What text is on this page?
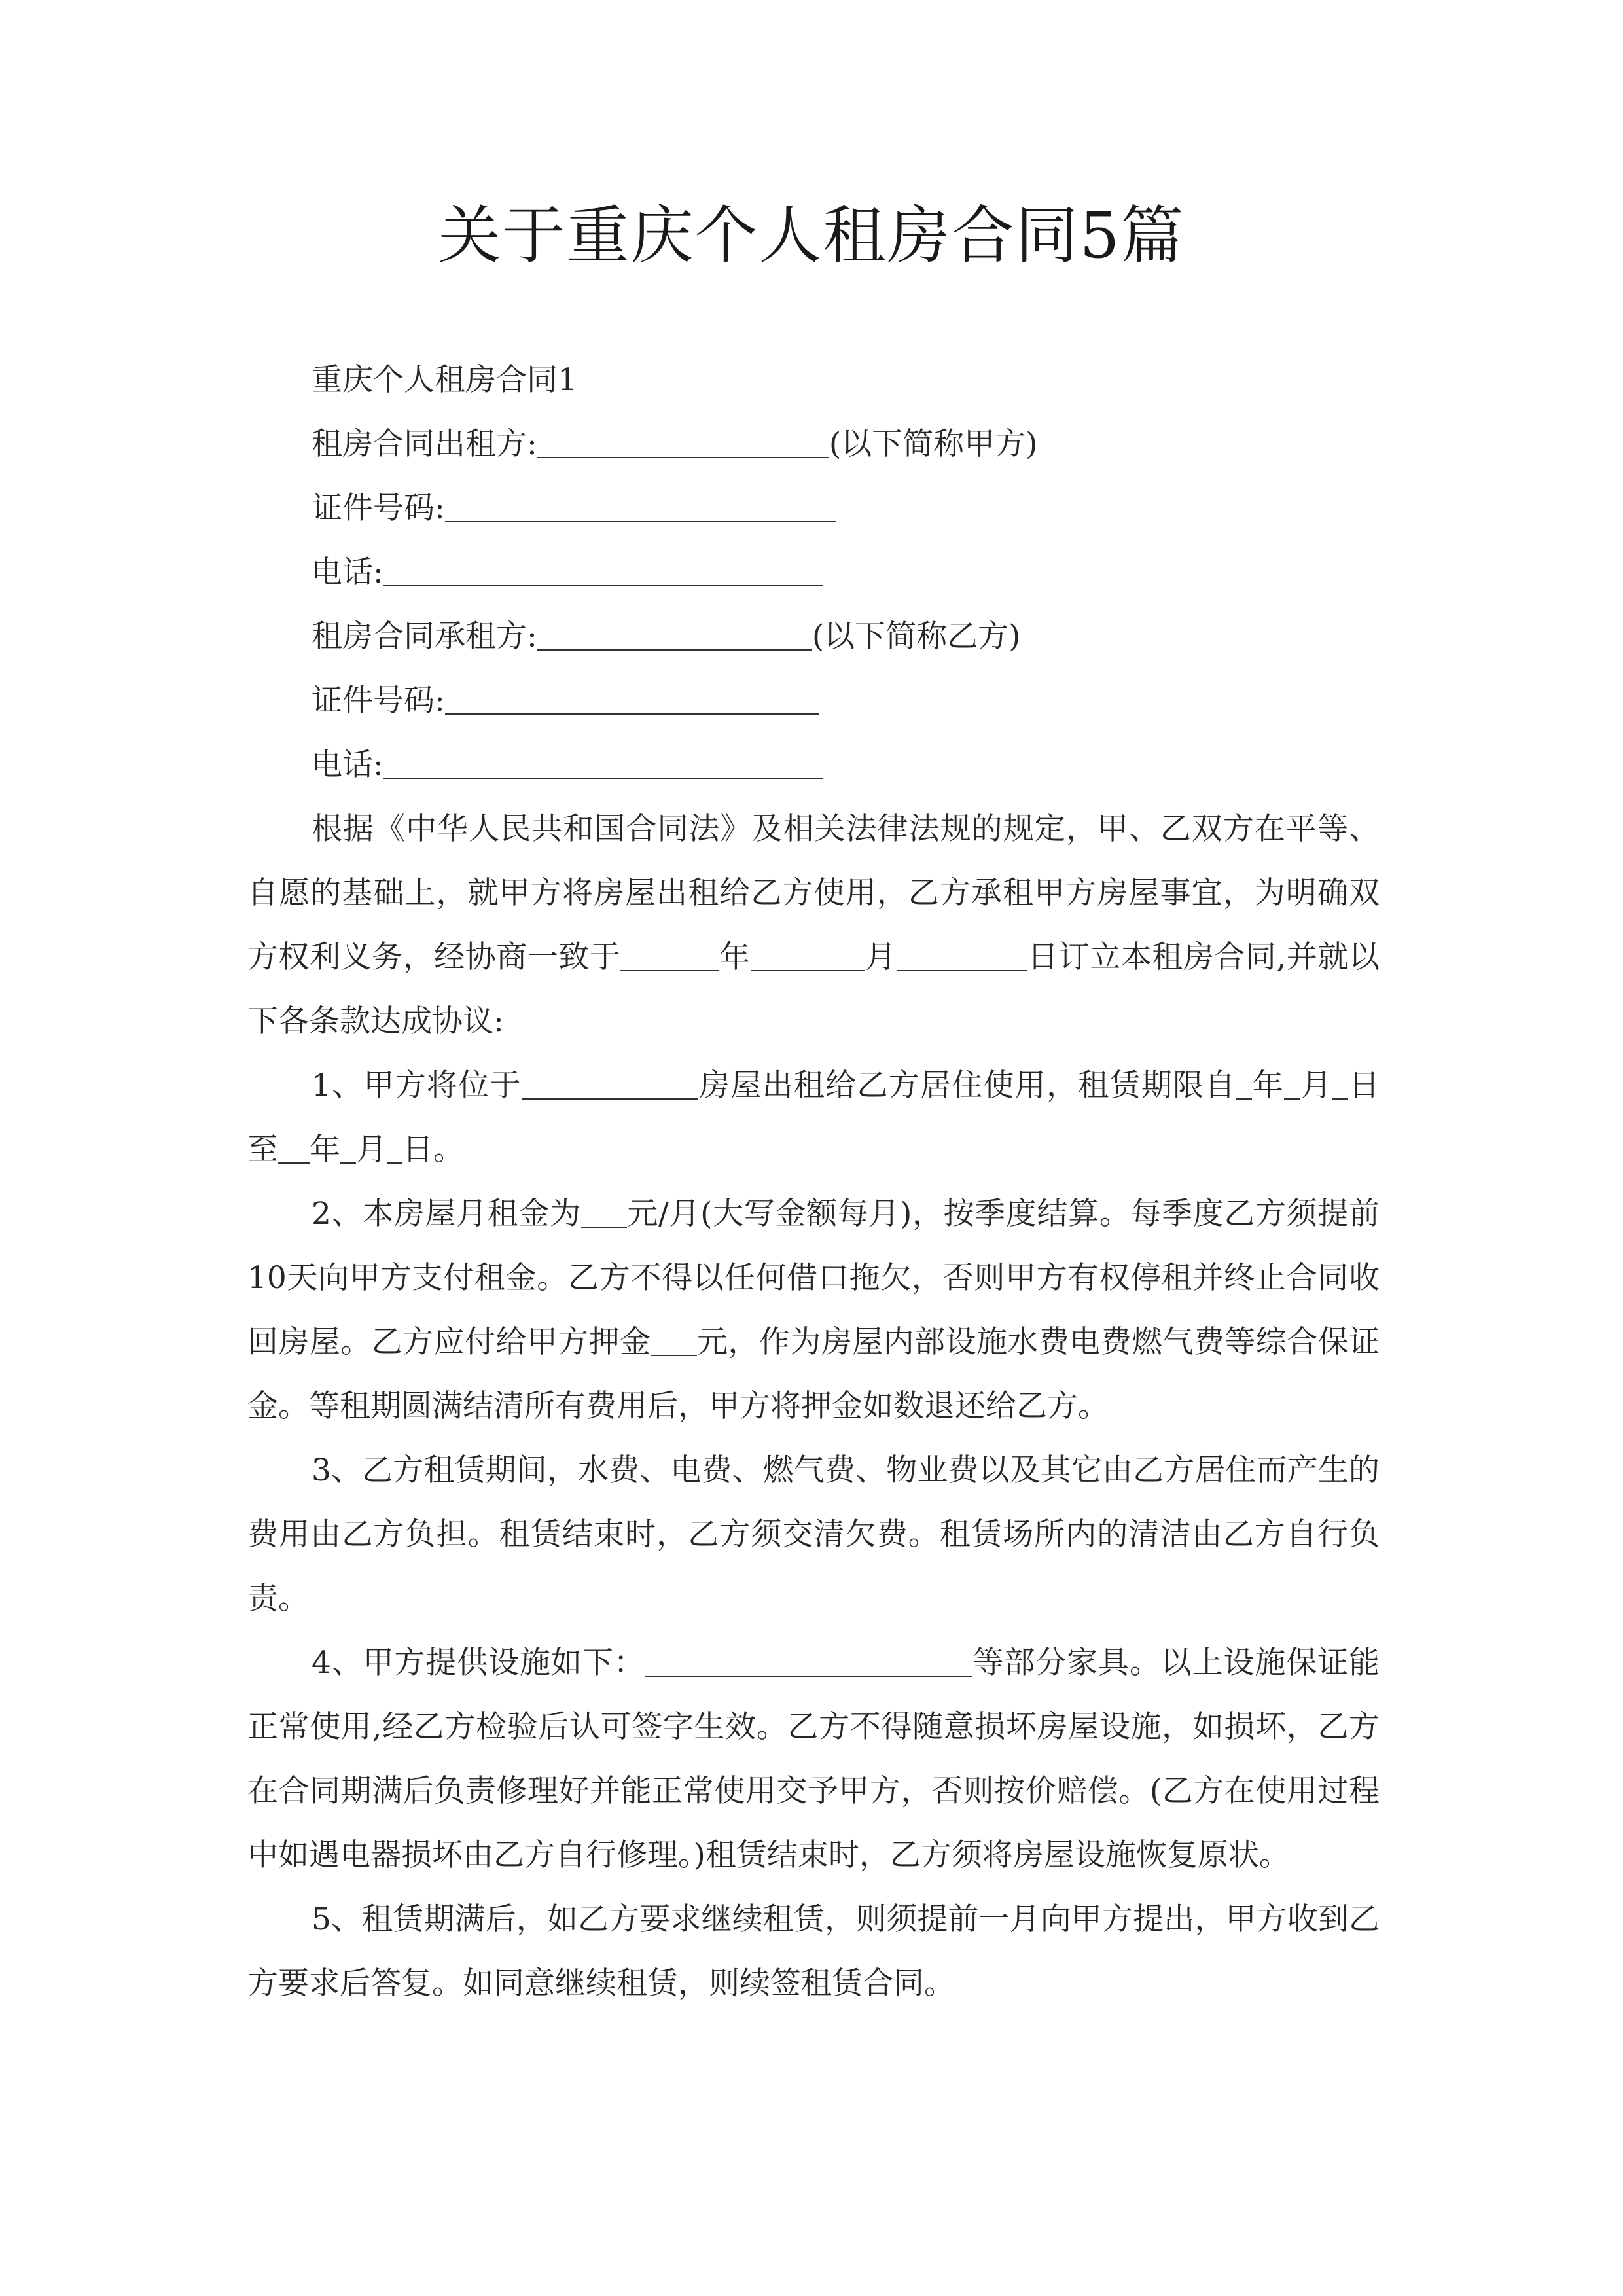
关于重庆个人租房合同5篇
重庆个人租房合同1
租房合同出租方:	(以下简称甲方)
证件号码:
电话:
租房合同承租方:	(以下简称乙方)
证件号码:
电话:
根据《中华人民共和国合同法》及相关法律法规的规定，甲、乙双方在平等、自愿的基础上，就甲方将房屋出租给乙方使用，乙方承租甲方房屋事宜，为明确双方权利义务，经协商一致于	年	月	日订立本租房合同,并就以下各条款达成协议:
1、甲方将位于	房屋出租给乙方居住使用，租赁期限自 年 月 日至 年 月 日。
2、本房屋月租金为 元/月(大写金额每月)，按季度结算。每季度乙方须提前10天向甲方支付租金。乙方不得以任何借口拖欠，否则甲方有权停租并终止合同收回房屋。乙方应付给甲方押金 元，作为房屋内部设施水费电费燃气费等综合保证金。等租期圆满结清所有费用后，甲方将押金如数退还给乙方。
3、乙方租赁期间，水费、电费、燃气费、物业费以及其它由乙方居住而产生的费用由乙方负担。租赁结束时，乙方须交清欠费。租赁场所内的清洁由乙方自行负责。
4、甲方提供设施如下：	等部分家具。以上设施保证能正常使用,经乙方检验后认可签字生效。乙方不得随意损坏房屋设施，如损坏，乙方在合同期满后负责修理好并能正常使用交予甲方，否则按价赔偿。(乙方在使用过程中如遇电器损坏由乙方自行修理。)租赁结束时，乙方须将房屋设施恢复原状。
5、租赁期满后，如乙方要求继续租赁，则须提前一月向甲方提出，甲方收到乙方要求后答复。如同意继续租赁，则续签租赁合同。
